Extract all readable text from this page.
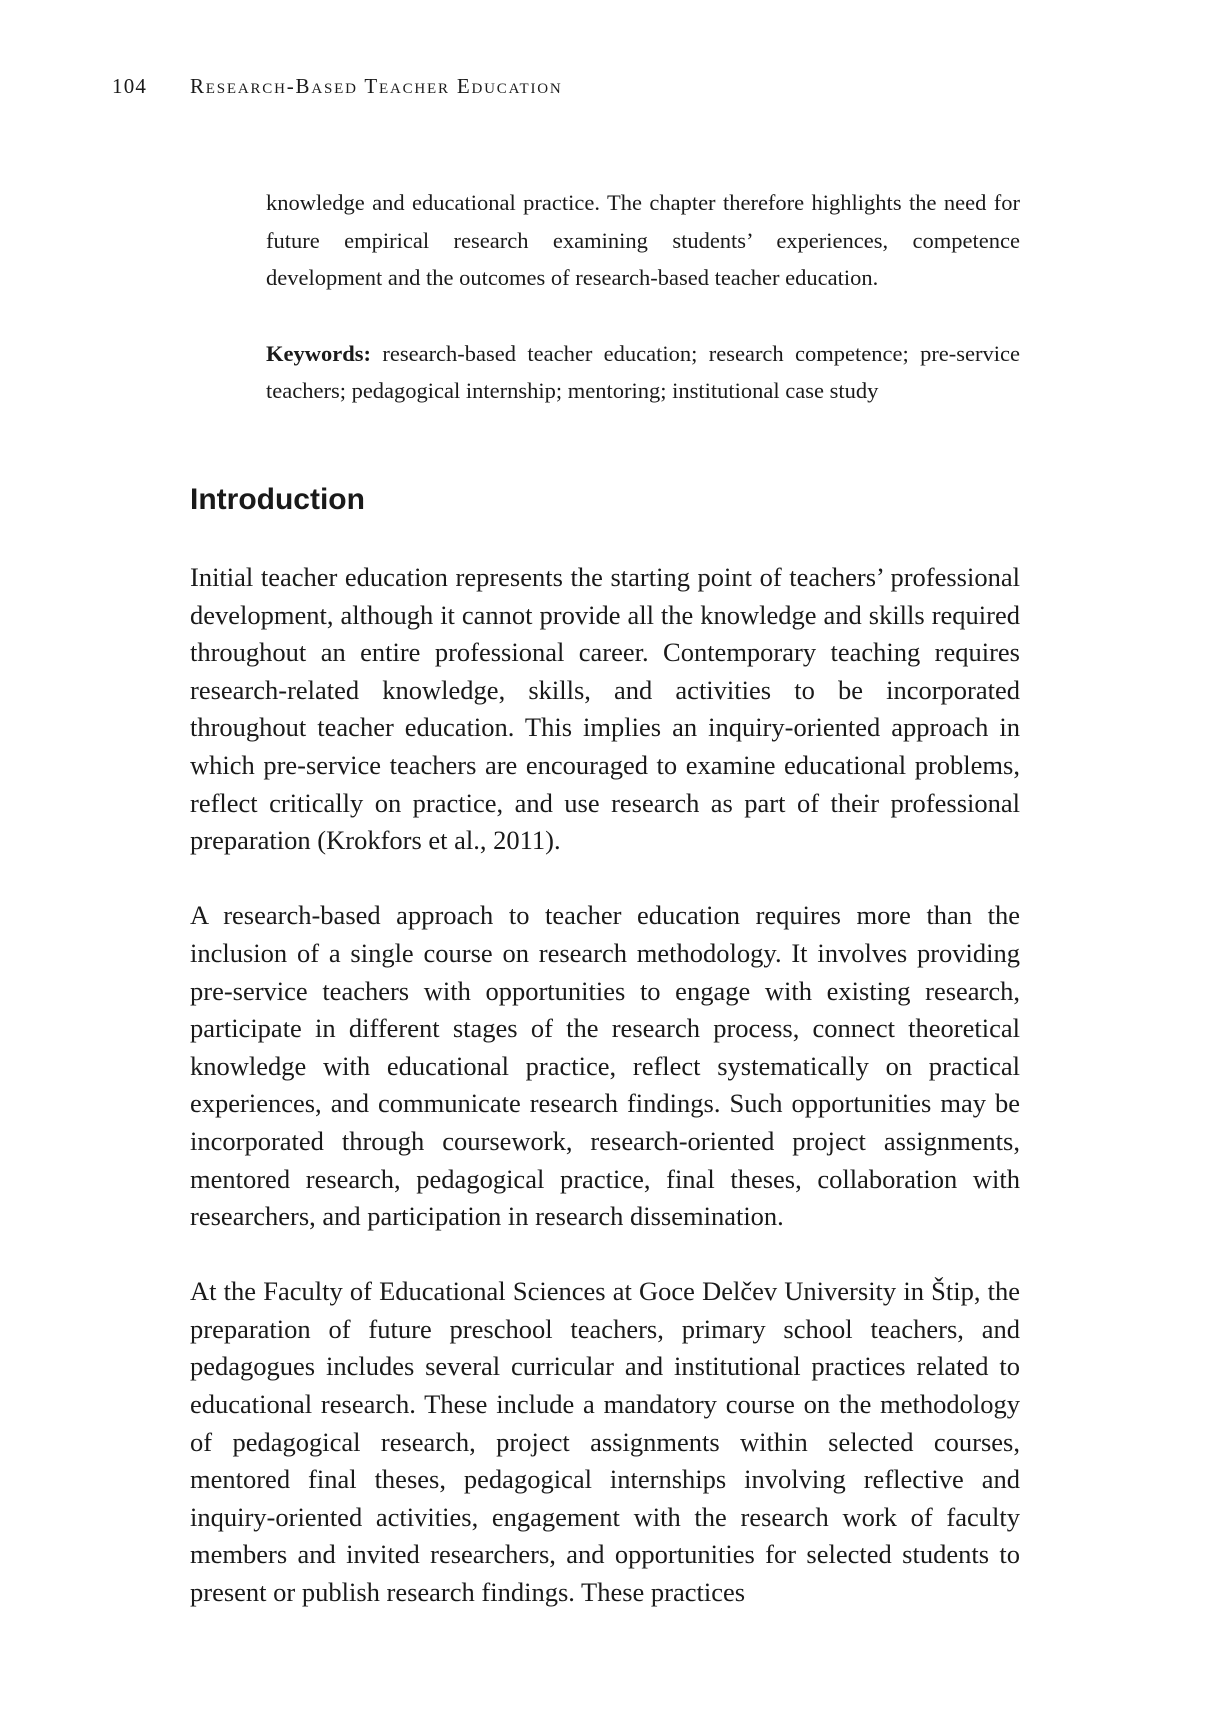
104	Research-Based Teacher Education

knowledge and educational practice. The chapter therefore highlights the need for future empirical research examining students’ experiences, competence development and the outcomes of research-based teacher education.

Keywords: research-based teacher education; research competence; pre-service teachers; pedagogical internship; mentoring; institutional case study

Introduction

Initial teacher education represents the starting point of teachers’ professional development, although it cannot provide all the knowledge and skills required throughout an entire professional career. Contemporary teaching requires research-related knowledge, skills, and activities to be incorporated throughout teacher education. This implies an inquiry-oriented approach in which pre-service teachers are encouraged to examine educational problems, reflect critically on practice, and use research as part of their professional preparation (Krokfors et al., 2011).

A research-based approach to teacher education requires more than the inclusion of a single course on research methodology. It involves providing pre-service teachers with opportunities to engage with existing research, participate in different stages of the research process, connect theoretical knowledge with educational practice, reflect systematically on practical experiences, and communicate research findings. Such opportunities may be incorporated through coursework, research-oriented project assignments, mentored research, pedagogical practice, final theses, collaboration with researchers, and participation in research dissemination.

At the Faculty of Educational Sciences at Goce Delčev University in Štip, the preparation of future preschool teachers, primary school teachers, and pedagogues includes several curricular and institutional practices related to educational research. These include a mandatory course on the methodology of pedagogical research, project assignments within selected courses, mentored final theses, pedagogical internships involving reflective and inquiry-oriented activities, engagement with the research work of faculty members and invited researchers, and opportunities for selected students to present or publish research findings. These practices
